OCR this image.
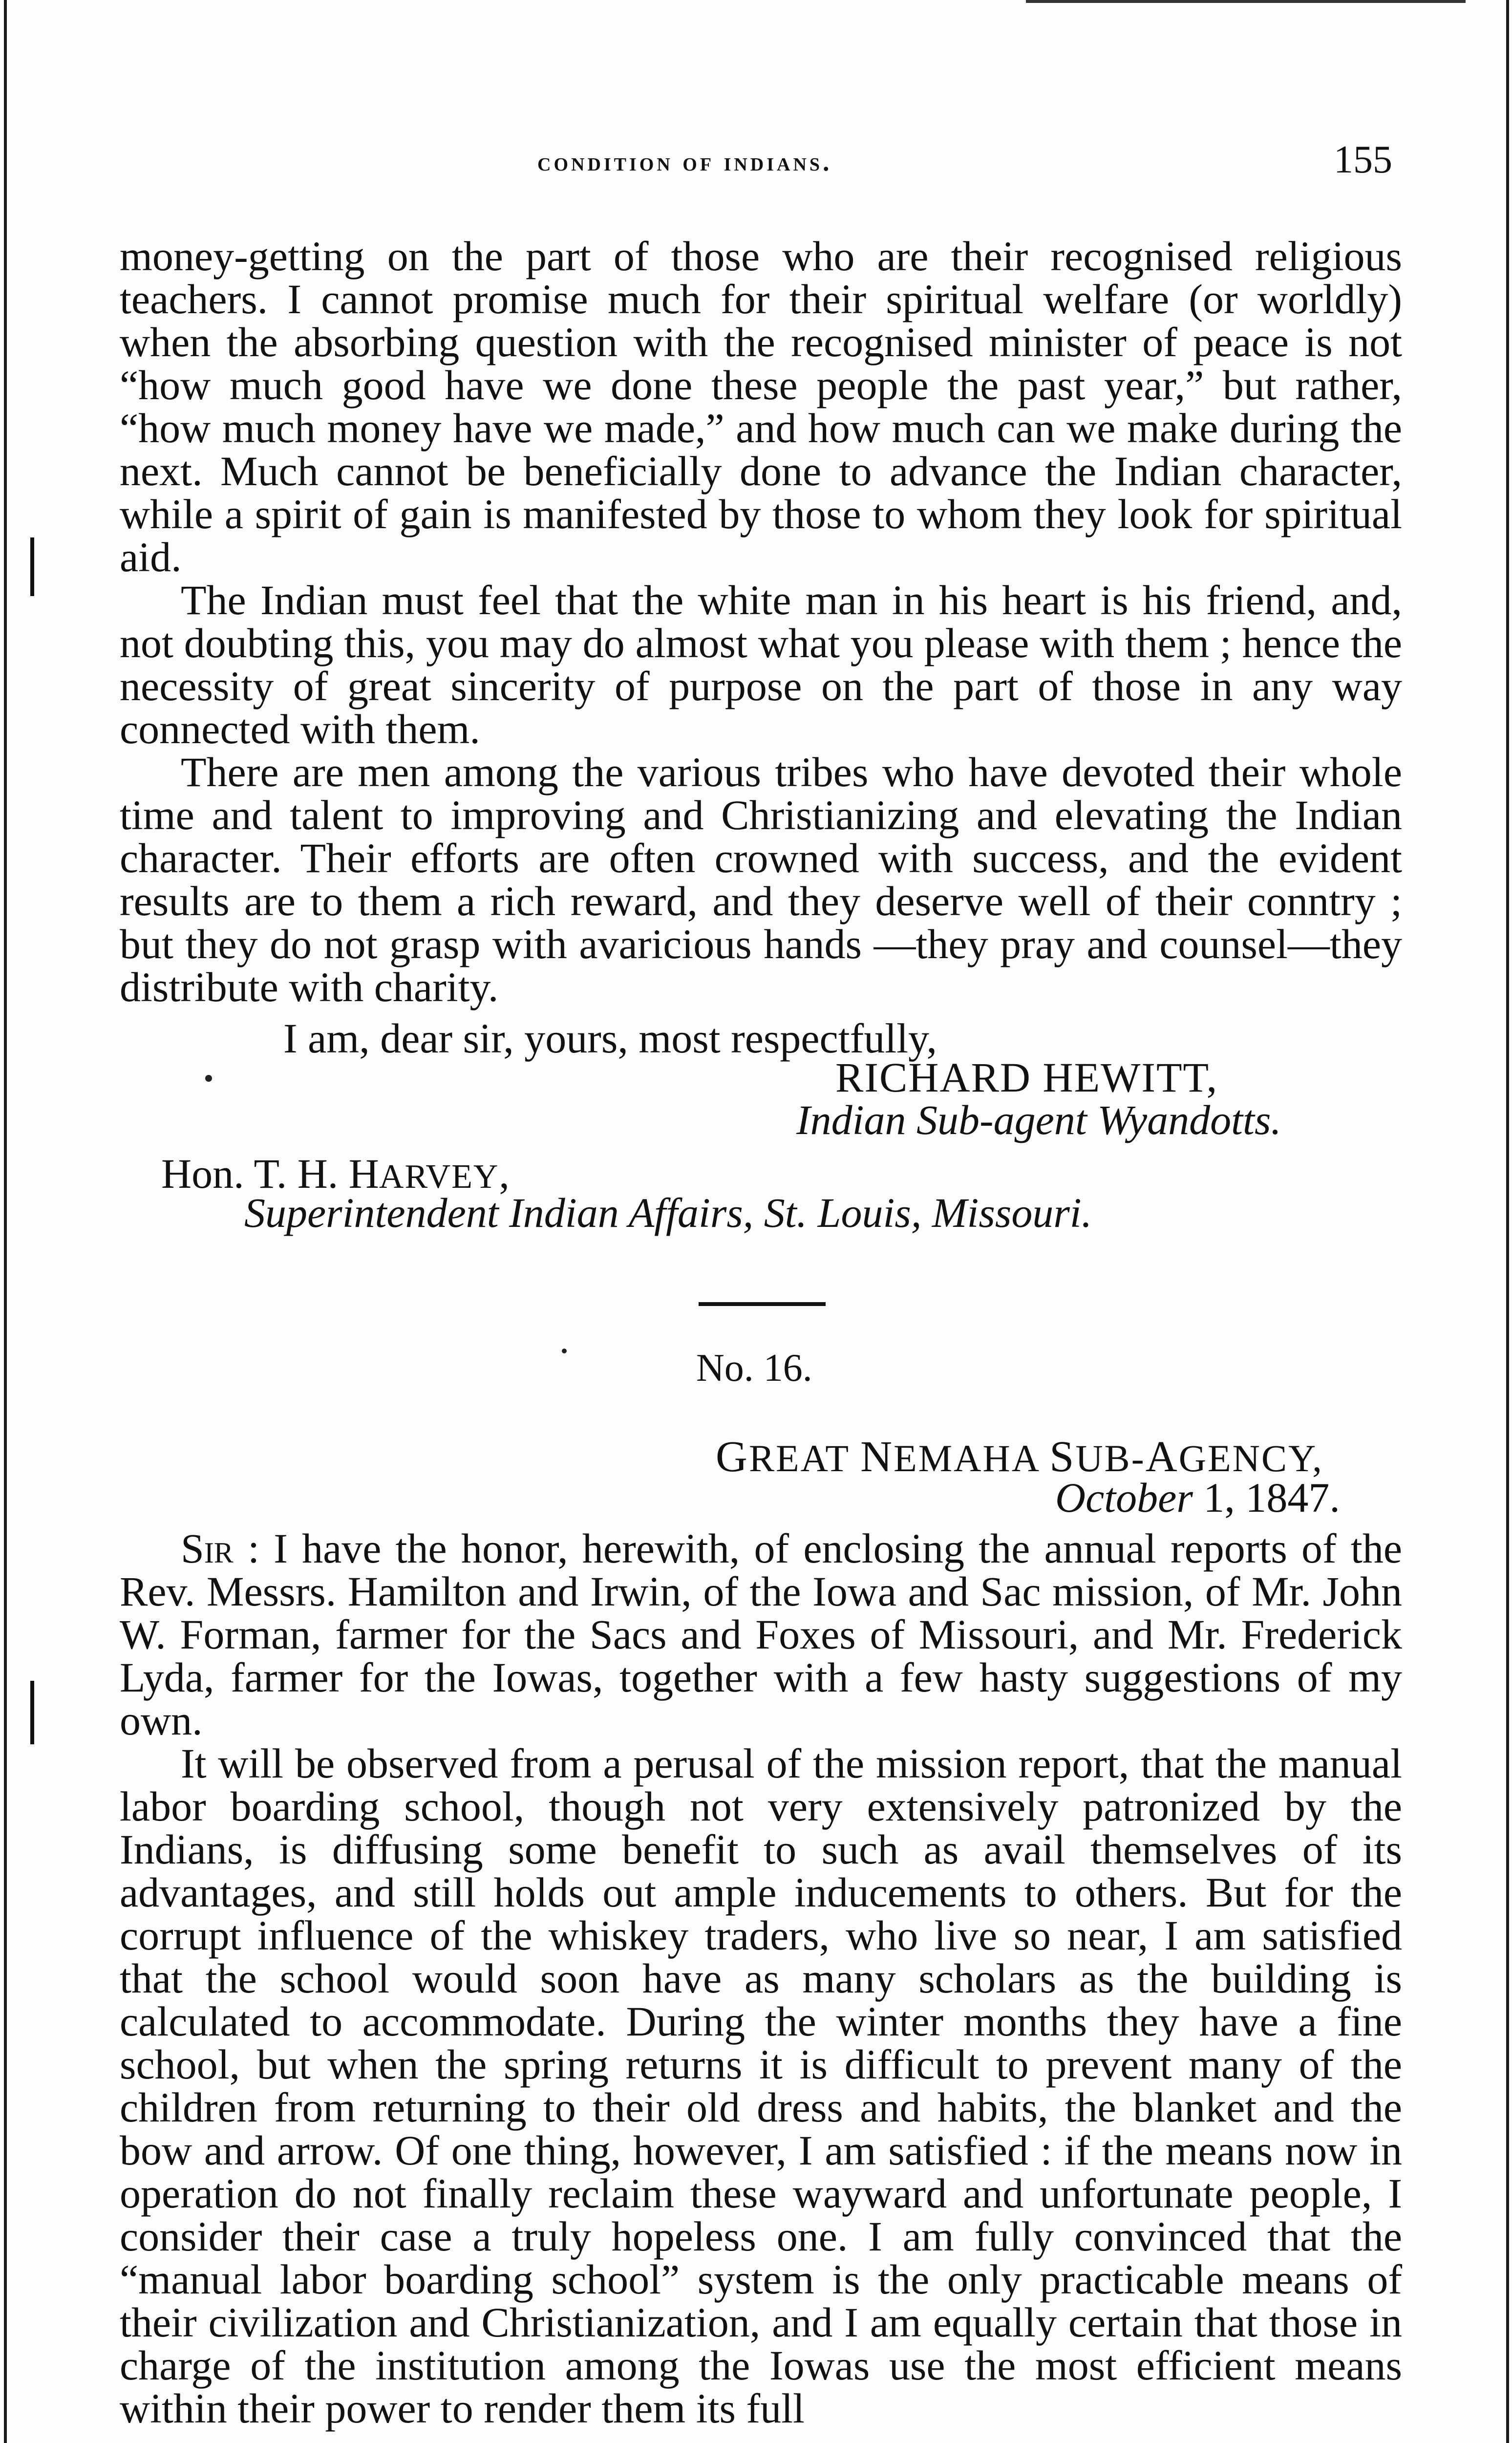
condition of indians.	155

money-getting on the part of those who are their recognised religious teachers. I cannot promise much for their spiritual welfare (or worldly) when the absorbing question with the recognised minister of peace is not “how much good have we done these people the past year,” but rather, “how much money have we made,” and how much can we make during the next. Much cannot be beneficially done to advance the Indian character, while a spirit of gain is manifested by those to whom they look for spiritual aid.

The Indian must feel that the white man in his heart is his friend, and, not doubting this, you may do almost what you please with them ; hence the necessity of great sincerity of purpose on the part of those in any way connected with them.

There are men among the various tribes who have devoted their whole time and talent to improving and Christianizing and elevating the Indian character. Their efforts are often crowned with success, and the evident results are to them a rich reward, and they deserve well of their conntry ; but they do not grasp with avaricious hands —they pray and counsel—they distribute with charity.

I am, dear sir, yours, most respectfully,
RICHARD HEWITT,
Indian Sub-agent Wyandotts.
Hon. T. H. HARVEY,
Superintendent Indian Affairs, St. Louis, Missouri.
No. 16.
GREAT NEMAHA SUB-AGENCY,
October 1, 1847.

Sir : I have the honor, herewith, of enclosing the annual reports of the Rev. Messrs. Hamilton and Irwin, of the Iowa and Sac mission, of Mr. John W. Forman, farmer for the Sacs and Foxes of Missouri, and Mr. Frederick Lyda, farmer for the Iowas, together with a few hasty suggestions of my own.

It will be observed from a perusal of the mission report, that the manual labor boarding school, though not very extensively patronized by the Indians, is diffusing some benefit to such as avail themselves of its advantages, and still holds out ample inducements to others. But for the corrupt influence of the whiskey traders, who live so near, I am satisfied that the school would soon have as many scholars as the building is calculated to accommodate. During the winter months they have a fine school, but when the spring returns it is difficult to prevent many of the children from returning to their old dress and habits, the blanket and the bow and arrow. Of one thing, however, I am satisfied : if the means now in operation do not finally reclaim these wayward and unfortunate people, I consider their case a truly hopeless one. I am fully convinced that the “manual labor boarding school” system is the only practicable means of their civilization and Christianization, and I am equally certain that those in charge of the institution among the Iowas use the most efficient means within their power to render them its full
